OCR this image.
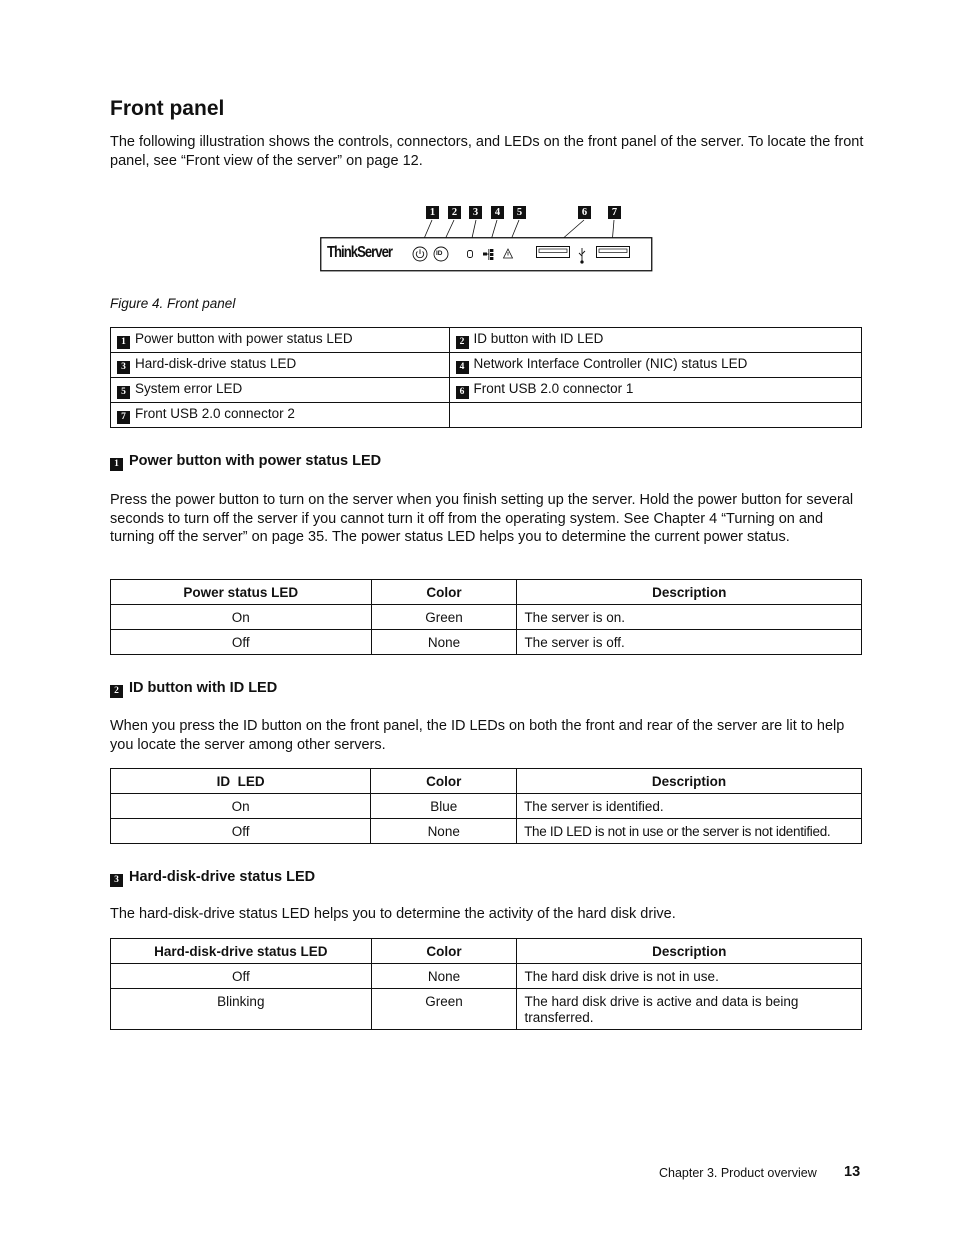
Front panel

The following illustration shows the controls, connectors, and LEDs on the front panel of the server. To locate the front panel, see “Front view of the server” on page 12.

1	2	3	4	5	6	7
ThinkServer	ID

Figure 4. Front panel

1 Power button with power status LED	2 ID button with ID LED
3 Hard-disk-drive status LED	4 Network Interface Controller (NIC) status LED
5 System error LED	6 Front USB 2.0 connector 1
7 Front USB 2.0 connector 2	
1 Power button with power status LED

Press the power button to turn on the server when you finish setting up the server. Hold the power button for several seconds to turn off the server if you cannot turn it off from the operating system. See Chapter 4 “Turning on and turning off the server” on page 35. The power status LED helps you to determine the current power status.

Power status LED	Color	Description
On	Green	The server is on.
Off	None	The server is off.
2 ID button with ID LED

When you press the ID button on the front panel, the ID LEDs on both the front and rear of the server are lit to help you locate the server among other servers.

ID  LED	Color	Description
On	Blue	The server is identified.
Off	None	The ID LED is not in use or the server is not identified.
3 Hard-disk-drive status LED

The hard-disk-drive status LED helps you to determine the activity of the hard disk drive.

Hard-disk-drive status LED	Color	Description
Off	None	The hard disk drive is not in use.
Blinking	Green	The hard disk drive is active and data is being transferred.
Chapter 3. Product overview 13
